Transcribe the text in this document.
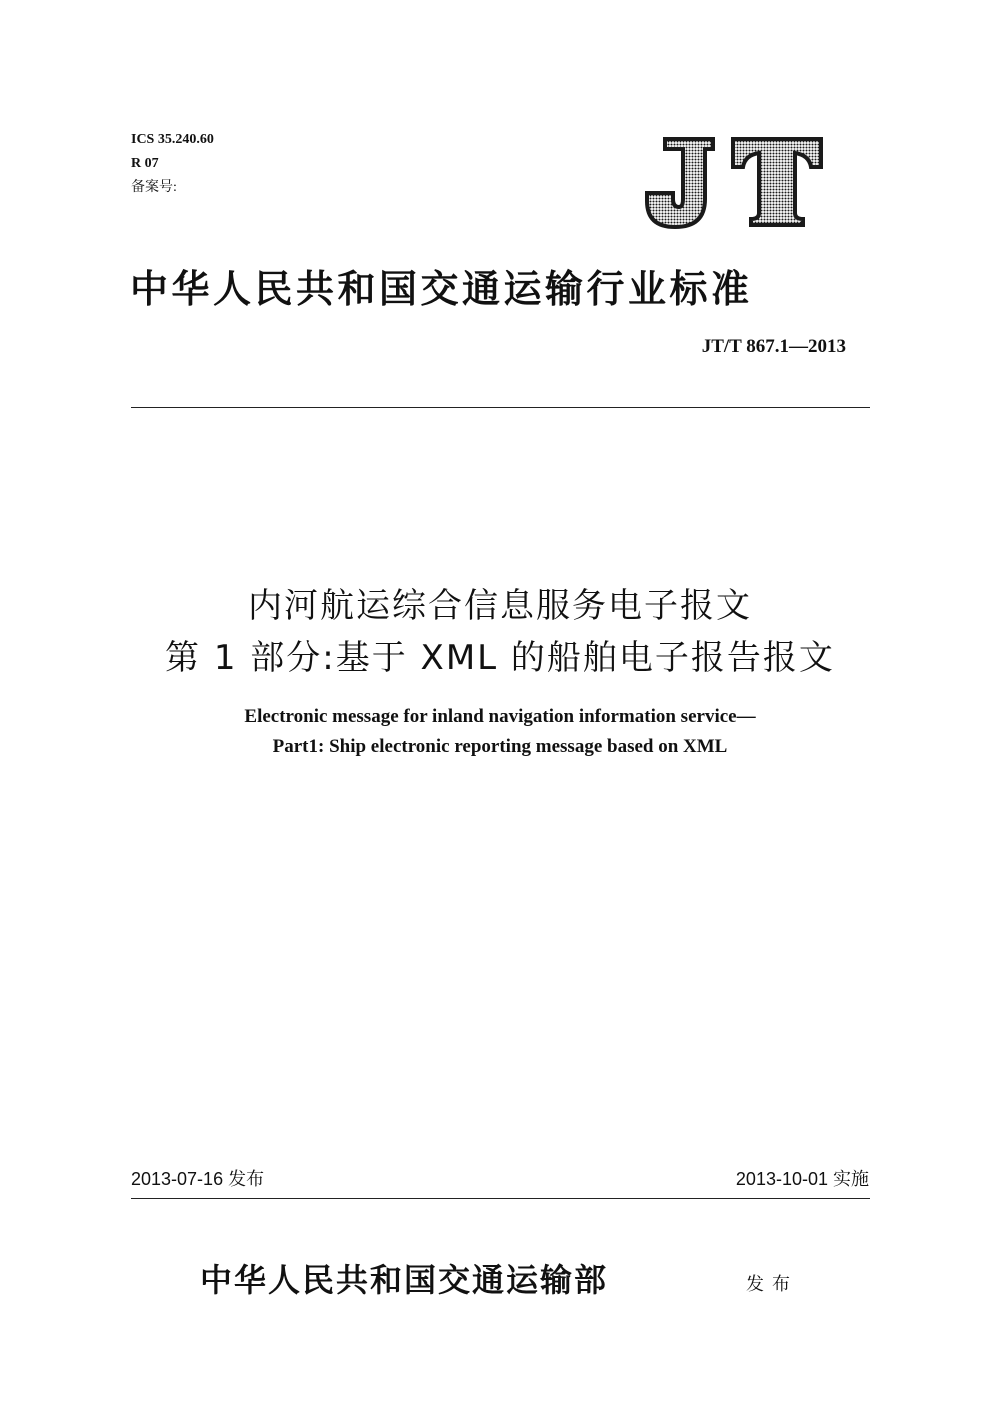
ICS 35.240.60
R 07
备案号:
中华人民共和国交通运输行业标准
JT/T 867.1—2013
内河航运综合信息服务电子报文
第 1 部分:基于 XML 的船舶电子报告报文
Electronic message for inland navigation information service—
Part1: Ship electronic reporting message based on XML
2013-07-16 发布	2013-10-01 实施
中华人民共和国交通运输部	发布
